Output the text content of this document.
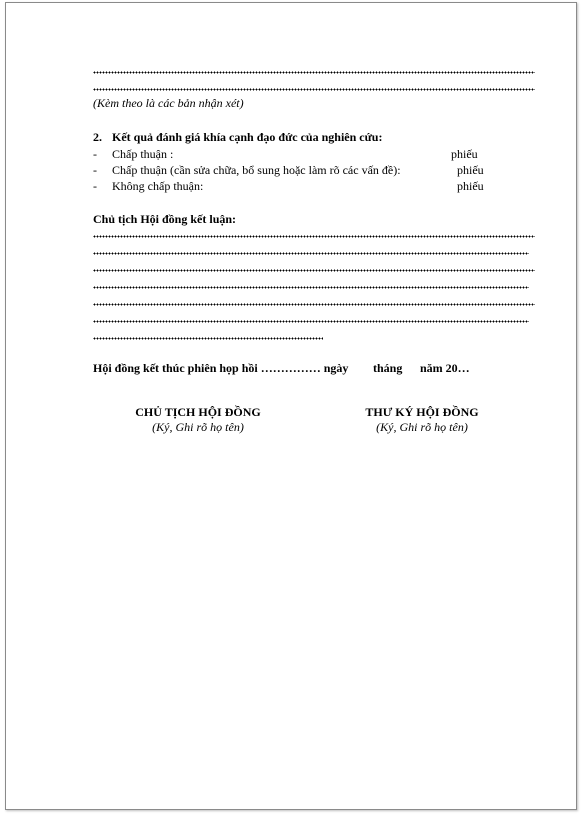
(Kèm theo là các bản nhận xét)
2. Kết quả đánh giá khía cạnh đạo đức của nghiên cứu:
- Chấp thuận :	phiếu
- Chấp thuận (cần sửa chữa, bổ sung hoặc làm rõ các vấn đề):	phiếu
- Không chấp thuận:	phiếu
Chủ tịch Hội đồng kết luận:
Hội đồng kết thúc phiên họp hồi …………… ngày tháng năm 20…
CHỦ TỊCH HỘI ĐỒNG
(Ký, Ghi rõ họ tên)
THƯ KÝ HỘI ĐỒNG
(Ký, Ghi rõ họ tên)
